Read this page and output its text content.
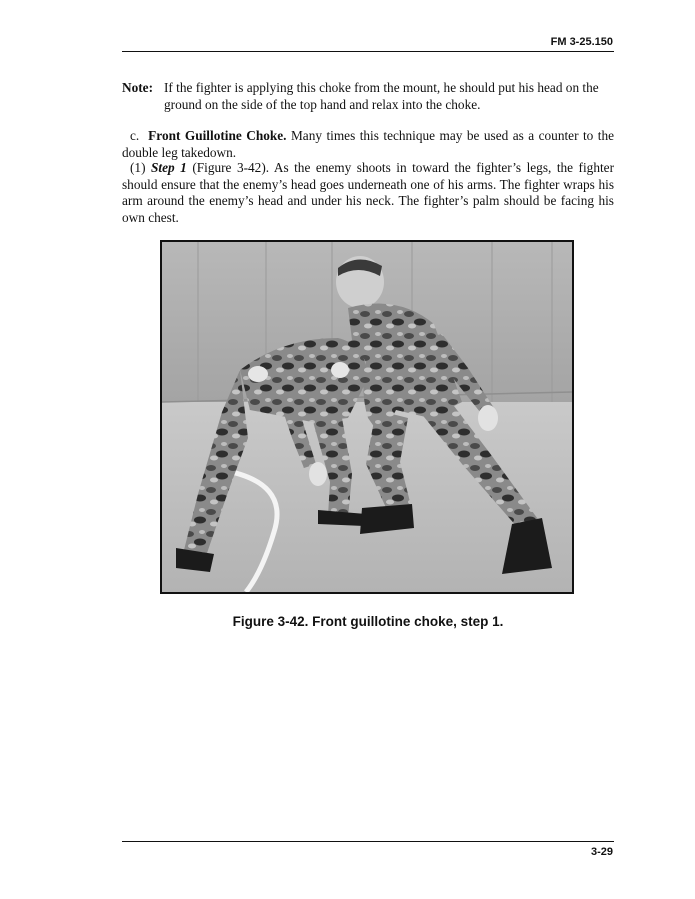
FM 3-25.150
Note: If the fighter is applying this choke from the mount, he should put his head on the ground on the side of the top hand and relax into the choke.
c. Front Guillotine Choke. Many times this technique may be used as a counter to the double leg takedown.
(1) Step 1 (Figure 3-42). As the enemy shoots in toward the fighter’s legs, the fighter should ensure that the enemy’s head goes underneath one of his arms. The fighter wraps his arm around the enemy’s head and under his neck. The fighter’s palm should be facing his own chest.
Figure 3-42. Front guillotine choke, step 1.
3-29
